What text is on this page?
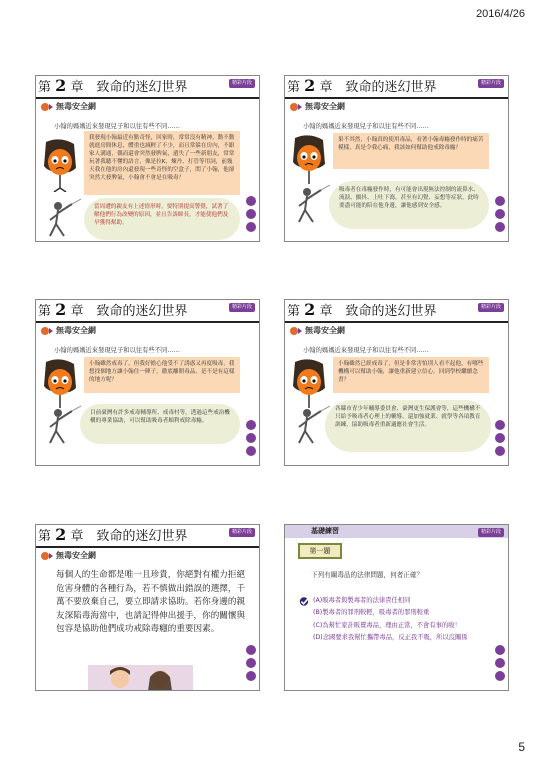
2016/4/26
第 2 章　致命的迷幻世界	精彩片段
無毒安全網
小翰的媽媽近來發現兒子和以往有些不同……
我發現小翰最近有點奇怪，回家時，常常沒有精神，動不動就進房間休息，體重也減輕了不少，而且常躲在房內，不跟家人溝通，偶而還會突然發脾氣，遺失了一些新朋友，常常玩著我聽不懂的語言，像是拉K、煉丹、打管等用詞，前幾天我在他的房內還發現一些奇怪的空盒子，問了小翰，他卻突然大發脾氣，小翰會不會是在吸毒？
當周遭的親友有上述情形時，要特別提高警覺，試著了解他們行為改變的原因，並且告訴師長，才能使他們及早獲得幫助。
第 2 章　致命的迷幻世界	精彩片段
無毒安全網
小翰的媽媽近來發現兒子和以往有些不同……
果不其然，小翰真的使用毒品，看著小翰毒癮發作時的痛苦模樣，真是令我心痛，我該如何幫助他戒除毒癮？
吸毒者在毒癮發作時，有可能會出現無法控制的流鼻水、流淚、顫抖、上吐下瀉，甚至有幻覺、妄想等症狀，此時要盡可能的陪在他身邊，讓他感到安全感。
第 2 章　致命的迷幻世界	精彩片段
無毒安全網
小翰的媽媽近來發現兒子和以往有些不同……
小翰雖然戒毒了，但我好擔心他受不了誘惑又再度吸毒，我想找個地方讓小翰住一陣子，徹底離開毒品，是不是有這樣的地方呢？
目前臺灣有許多戒毒輔導所、戒毒村等，透過這些戒治機構的專業協助，可以幫助吸毒者順利戒除毒癮。
第 2 章　致命的迷幻世界	精彩片段
無毒安全網
小翰的媽媽近來發現兒子和以往有些不同……
小翰雖然已經戒毒了，但是非常害怕別人看不起他，有哪些機構可以幫助小翰，讓他重新建立信心，回到學校繼續念書？
各縣市青少年輔導委員會、臺灣更生保護會等，這些機構不只給予吸毒者心理上的輔導，還加強就業、就學等各項教育訓練，協助吸毒者重新適應社會生活。
第 2 章　致命的迷幻世界	精彩片段
無毒安全網
每個人的生命都是唯一且珍貴，你絕對有權力拒絕危害身體的各種行為，若不慎做出錯誤的選擇，千萬不要放棄自己，要立即請求協助。若你身邊的親友深陷毒海當中，也請記得伸出援手，你的關懷與包容是協助他們成功戒除毒癮的重要因素。
基礎練習	精彩片段
第一題
下列有關毒品的法律問題，何者正確？
(A)販毒者與製毒者的法律責任相同
(B)製毒者的罪刑較輕，吸毒者的罪刑較重
(C)為幫忙家計販賣毒品，理由正當，不會有事的啦！
(D)念國要求我幫忙攜帶毒品，反正我不吸，所以沒關係
5
